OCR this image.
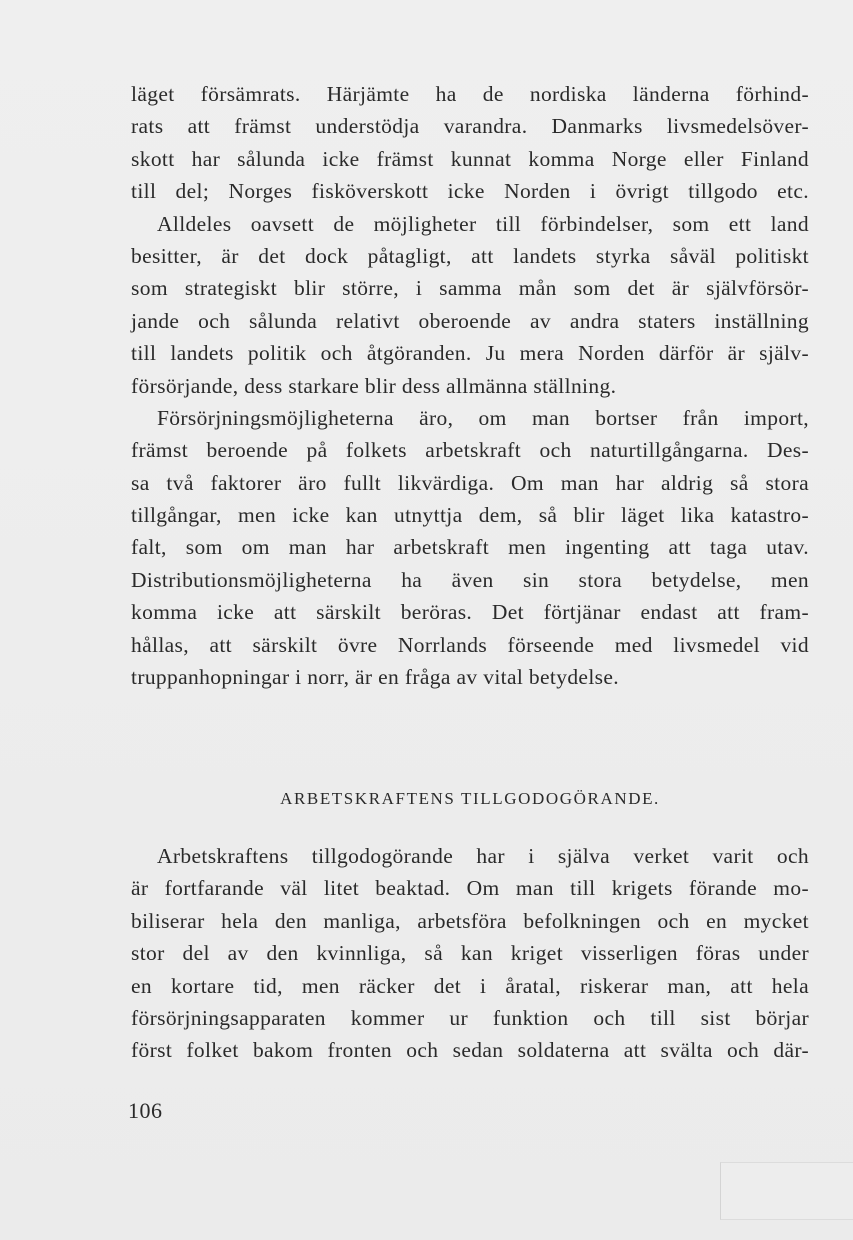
läget försämrats. Härjämte ha de nordiska länderna förhind-
rats att främst understödja varandra. Danmarks livsmedelsöver-
skott har sålunda icke främst kunnat komma Norge eller Finland
till del; Norges fisköverskott icke Norden i övrigt tillgodo etc.
Alldeles oavsett de möjligheter till förbindelser, som ett land
besitter, är det dock påtagligt, att landets styrka såväl politiskt
som strategiskt blir större, i samma mån som det är självförsör-
jande och sålunda relativt oberoende av andra staters inställning
till landets politik och åtgöranden. Ju mera Norden därför är själv-
försörjande, dess starkare blir dess allmänna ställning.
Försörjningsmöjligheterna äro, om man bortser från import,
främst beroende på folkets arbetskraft och naturtillgångarna. Des-
sa två faktorer äro fullt likvärdiga. Om man har aldrig så stora
tillgångar, men icke kan utnyttja dem, så blir läget lika katastro-
falt, som om man har arbetskraft men ingenting att taga utav.
Distributionsmöjligheterna ha även sin stora betydelse, men
komma icke att särskilt beröras. Det förtjänar endast att fram-
hållas, att särskilt övre Norrlands förseende med livsmedel vid
truppanhopningar i norr, är en fråga av vital betydelse.
ARBETSKRAFTENS TILLGODOGÖRANDE.
Arbetskraftens tillgodogörande har i själva verket varit och
är fortfarande väl litet beaktad. Om man till krigets förande mo-
biliserar hela den manliga, arbetsföra befolkningen och en mycket
stor del av den kvinnliga, så kan kriget visserligen föras under
en kortare tid, men räcker det i åratal, riskerar man, att hela
försörjningsapparaten kommer ur funktion och till sist börjar
först folket bakom fronten och sedan soldaterna att svälta och där-
106
